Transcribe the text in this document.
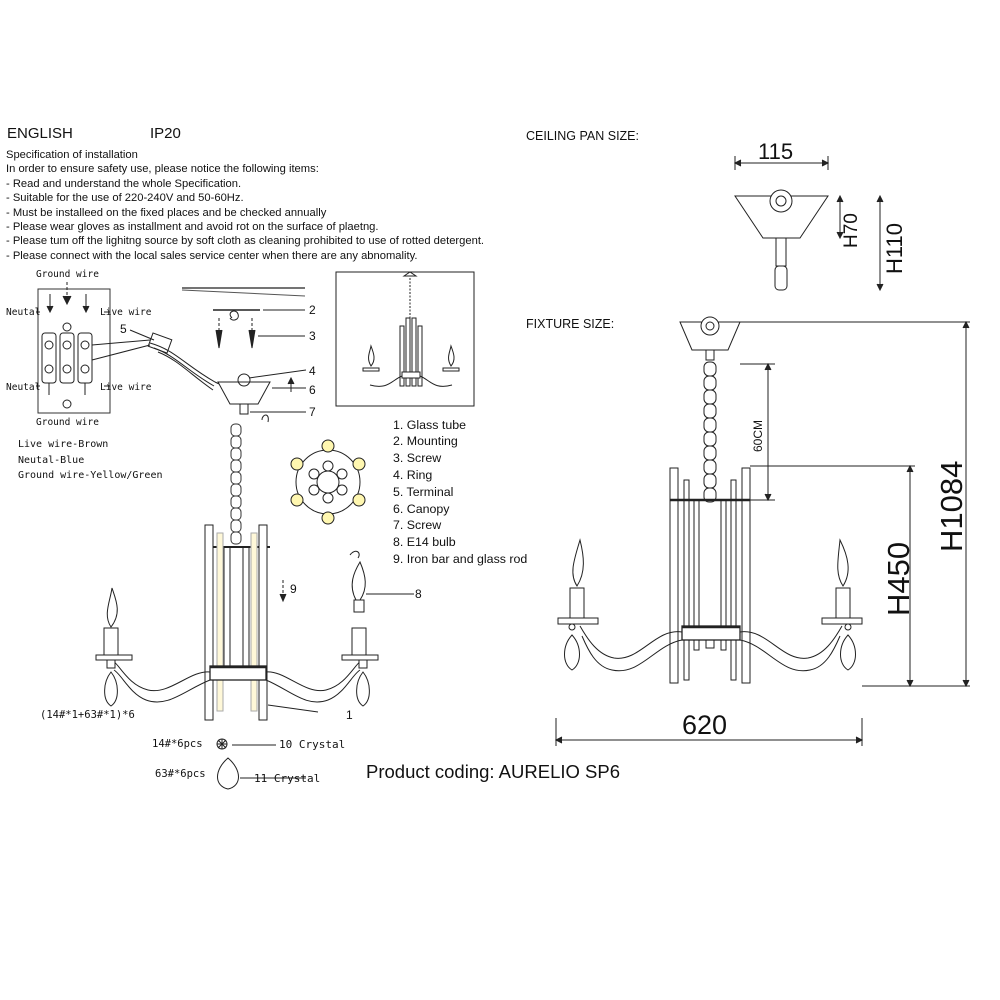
ENGLISH	IP20
Specification of installation
In order to ensure safety use, please notice the following items:
- Read and understand the whole Specification.
- Suitable for the use of 220-240V and 50-60Hz.
- Must be installeed on the fixed places and be checked annually
- Please wear gloves as installment and avoid rot on the surface of plaetng.
- Please tum off the lighitng source by soft cloth as cleaning prohibited to use of rotted detergent.
- Please connect with the local sales service center when there are any abnomality.
Ground wire
Neutal	Live wire
Neutal	Live wire
Ground wire
Live wire-Brown
Neutal-Blue
Ground wire-Yellow/Green
5
2
3
4
6
7
9	8
1
(14#*1+63#*1)*6
14#*6pcs	10 Crystal
63#*6pcs	11 Crystal
1. Glass tube
2. Mounting
3. Screw
4. Ring
5. Terminal
6. Canopy
7. Screw
8. E14 bulb
9. Iron bar and glass rod
CEILING PAN SIZE:
115
H70 H110
FIXTURE SIZE:
60CM
H450
H1084
620
Product coding: AURELIO SP6
